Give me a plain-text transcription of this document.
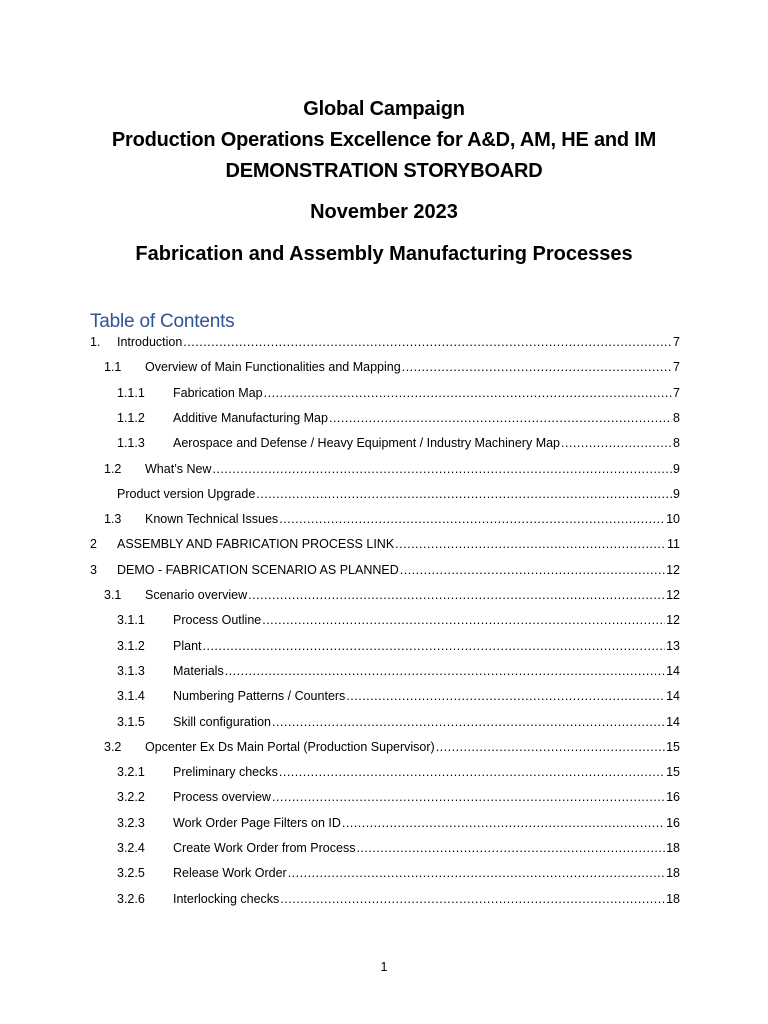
Global Campaign
Production Operations Excellence for A&D, AM, HE and IM
DEMONSTRATION STORYBOARD
November 2023
Fabrication and Assembly Manufacturing Processes
Table of Contents
1.	Introduction .....	7
1.1	Overview of Main Functionalities and Mapping .....	7
1.1.1	Fabrication Map .....	7
1.1.2	Additive Manufacturing Map .....	8
1.1.3	Aerospace and Defense / Heavy Equipment / Industry Machinery Map .....	8
1.2	What’s New .....	9
Product version Upgrade .....	9
1.3	Known Technical Issues .....	10
2	ASSEMBLY AND FABRICATION PROCESS LINK .....	11
3	DEMO - FABRICATION SCENARIO AS PLANNED .....	12
3.1	Scenario overview .....	12
3.1.1	Process Outline .....	12
3.1.2	Plant .....	13
3.1.3	Materials .....	14
3.1.4	Numbering Patterns / Counters .....	14
3.1.5	Skill configuration .....	14
3.2	Opcenter Ex Ds Main Portal (Production Supervisor) .....	15
3.2.1	Preliminary checks .....	15
3.2.2	Process overview .....	16
3.2.3	Work Order Page Filters on ID .....	16
3.2.4	Create Work Order from Process .....	18
3.2.5	Release Work Order .....	18
3.2.6	Interlocking checks .....	18
1
